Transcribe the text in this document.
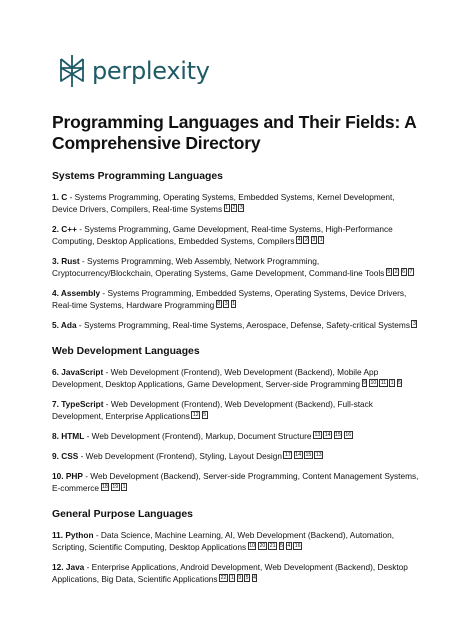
perplexity
Programming Languages and Their Fields: A Comprehensive Directory
Systems Programming Languages
1. C - Systems Programming, Operating Systems, Embedded Systems, Kernel Development, Device Drivers, Compilers, Real-time Systems 1 2 3
2. C++ - Systems Programming, Game Development, Real-time Systems, High-Performance Computing, Desktop Applications, Embedded Systems, Compilers 4 2 3 1
3. Rust - Systems Programming, Web Assembly, Network Programming, Cryptocurrency/Blockchain, Operating Systems, Game Development, Command-line Tools 5 2 6 7
4. Assembly - Systems Programming, Embedded Systems, Operating Systems, Device Drivers, Real-time Systems, Hardware Programming 8 3 1
5. Ada - Systems Programming, Real-time Systems, Aerospace, Defense, Safety-critical Systems 3
Web Development Languages
6. JavaScript - Web Development (Frontend), Web Development (Backend), Mobile App Development, Desktop Applications, Game Development, Server-side Programming 9 10 11 1 5
7. TypeScript - Web Development (Frontend), Web Development (Backend), Full-stack Development, Enterprise Applications 12 5
8. HTML - Web Development (Frontend), Markup, Document Structure 13 14 15 16
9. CSS - Web Development (Frontend), Styling, Layout Design 17 14 15 13
10. PHP - Web Development (Backend), Server-side Programming, Content Management Systems, E-commerce 18 19 1
General Purpose Languages
11. Python - Data Science, Machine Learning, AI, Web Development (Backend), Automation, Scripting, Scientific Computing, Desktop Applications 10 20 21 5 4 16
12. Java - Enterprise Applications, Android Development, Web Development (Backend), Desktop Applications, Big Data, Scientific Applications 22 1 9 5 4
